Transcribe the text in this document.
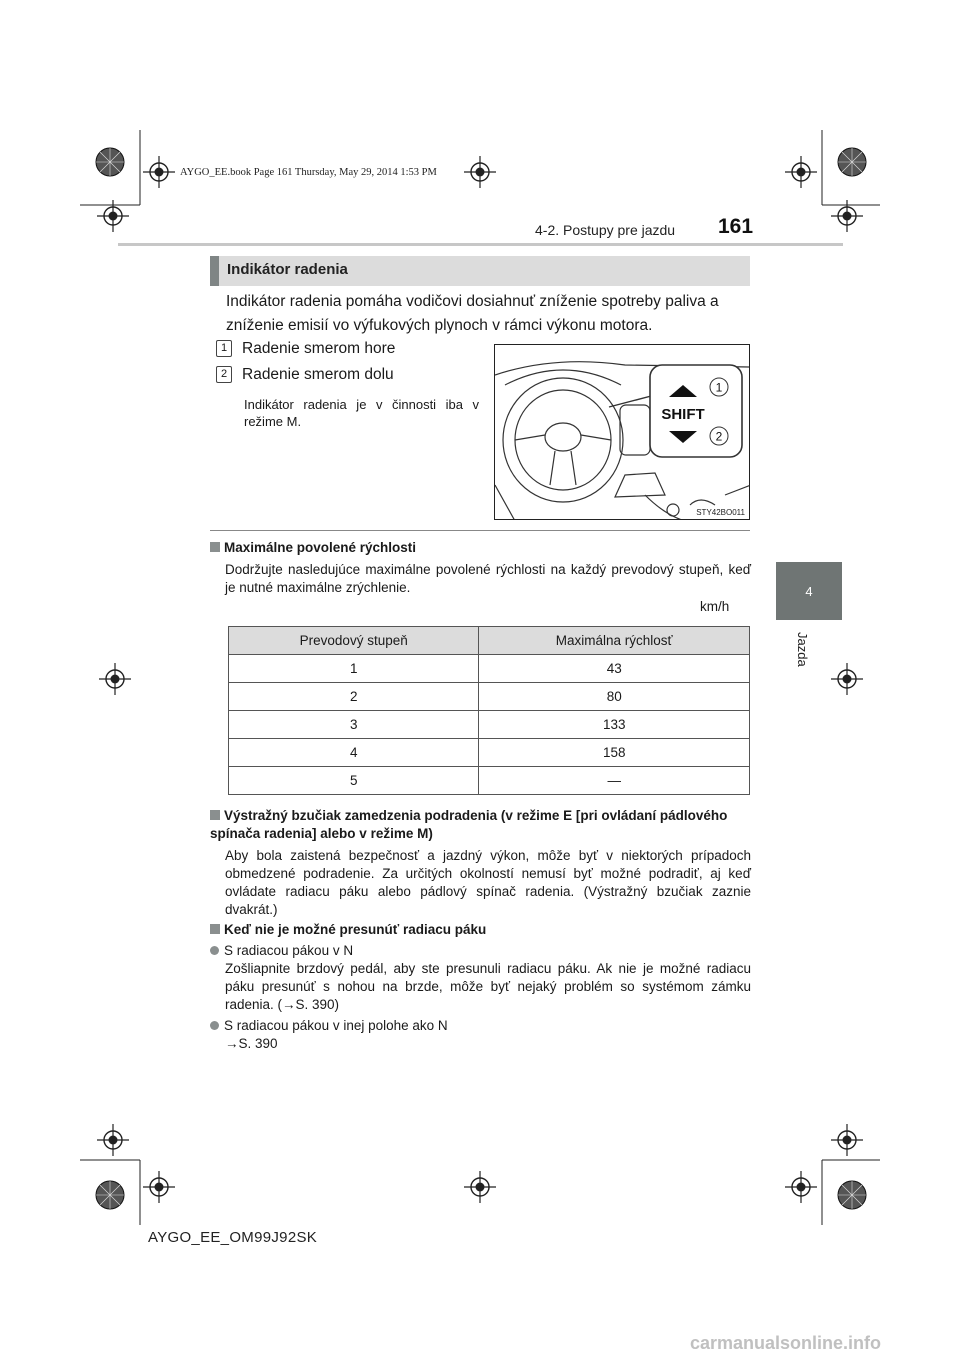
AYGO_EE.book Page 161 Thursday, May 29, 2014 1:53 PM
4-2. Postupy pre jazdu 161
4
Jazda
Indikátor radenia
Indikátor radenia pomáha vodičovi dosiahnuť zníženie spotreby paliva a zníženie emisií vo výfukových plynoch v rámci výkonu motora.
1 Radenie smerom hore
2 Radenie smerom dolu
Indikátor radenia je v činnosti iba v režime M.	SHIFT
1
2
STY42BO011
Maximálne povolené rýchlosti
Dodržujte nasledujúce maximálne povolené rýchlosti na každý prevodový stupeň, keď je nutné maximálne zrýchlenie.
km/h
Prevodový stupeň	Maximálna rýchlosť
1	43
2	80
3	133
4	158
5	—
Výstražný bzučiak zamedzenia podradenia (v režime E [pri ovládaní pádlového spínača radenia] alebo v režime M)
Aby bola zaistená bezpečnosť a jazdný výkon, môže byť v niektorých prípadoch obmedzené podradenie. Za určitých okolností nemusí byť možné podradiť, aj keď ovládate radiacu páku alebo pádlový spínač radenia. (Výstražný bzučiak zaznie dvakrát.)
Keď nie je možné presunúť radiacu páku
S radiacou pákou v N
Zošliapnite brzdový pedál, aby ste presunuli radiacu páku. Ak nie je možné radiacu páku presunúť s nohou na brzde, môže byť nejaký problém so systémom zámku radenia. (→S. 390)
S radiacou pákou v inej polohe ako N
→S. 390
AYGO_EE_OM99J92SK
carmanualsonline.info
